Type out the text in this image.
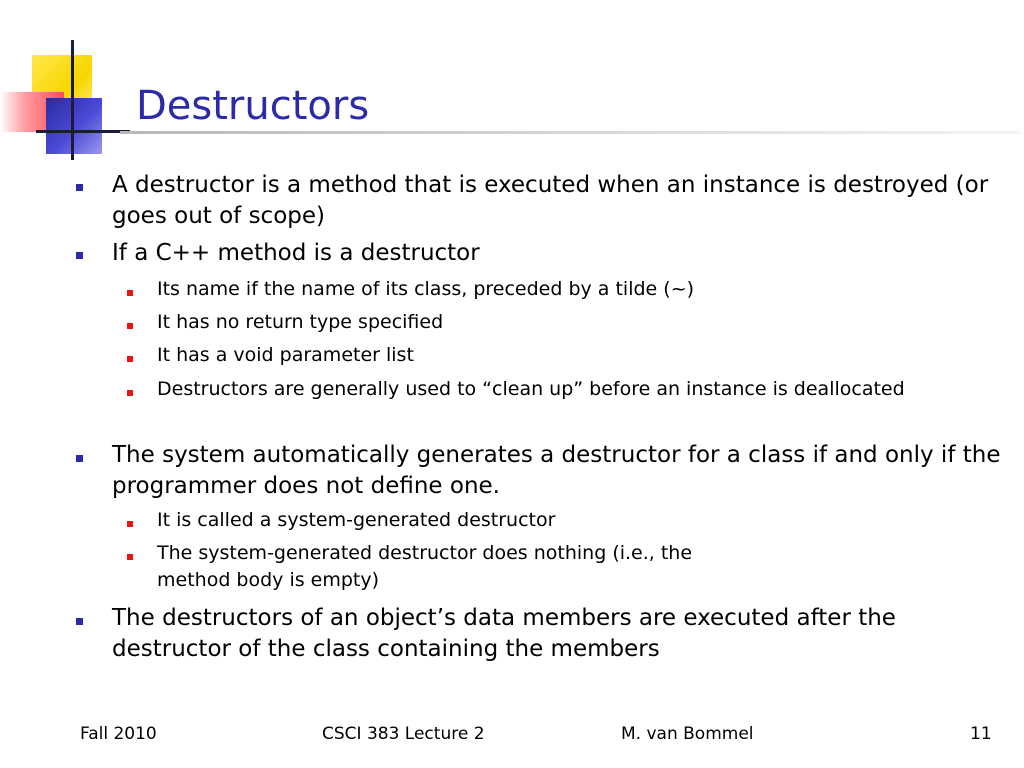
Destructors

A destructor is a method that is executed when an instance is destroyed (or goes out of scope)

If a C++ method is a destructor

Its name if the name of its class, preceded by a tilde (~)

It has no return type specified

It has a void parameter list

Destructors are generally used to “clean up” before an instance is deallocated

The system automatically generates a destructor for a class if and only if the programmer does not define one.

It is called a system-generated destructor

The system-generated destructor does nothing (i.e., the method body is empty)

The destructors of an object’s data members are executed after the destructor of the class containing the members

Fall 2010	CSCI 383 Lecture 2	M. van Bommel	11
